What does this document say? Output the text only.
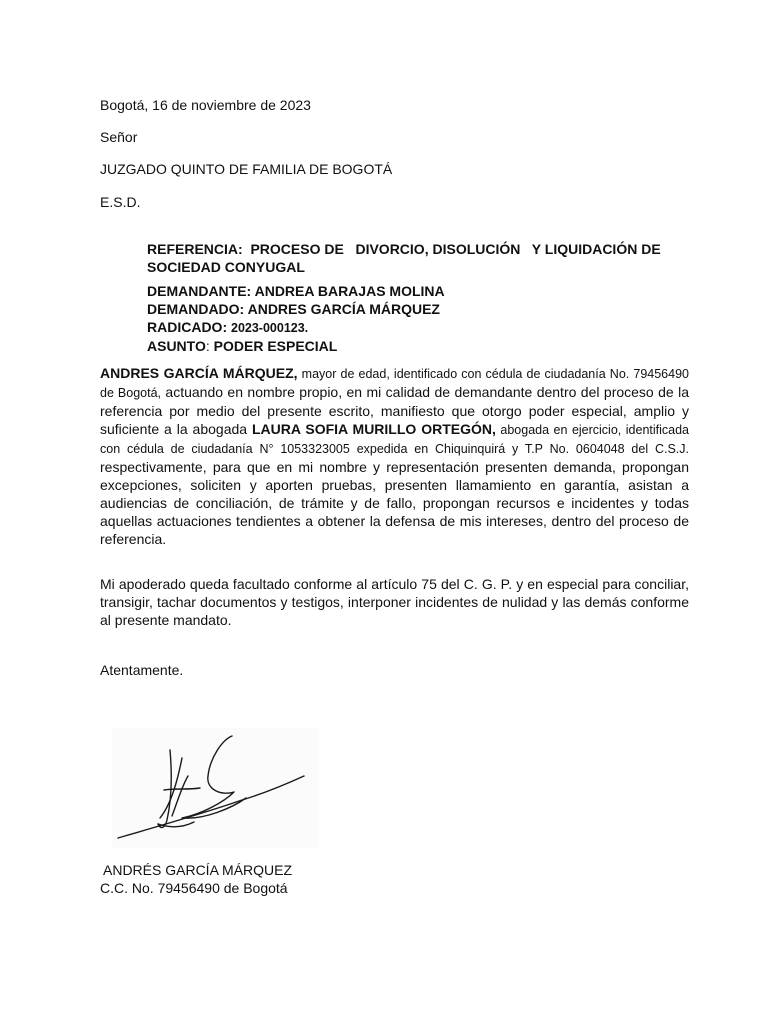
Bogotá, 16 de noviembre de 2023
Señor
JUZGADO QUINTO DE FAMILIA DE BOGOTÁ
E.S.D.
REFERENCIA: PROCESO DE   DIVORCIO, DISOLUCIÓN   Y LIQUIDACIÓN DE
SOCIEDAD CONYUGAL
DEMANDANTE: ANDREA BARAJAS MOLINA
DEMANDADO: ANDRES GARCÍA MÁRQUEZ
RADICADO: 2023-000123.
ASUNTO: PODER ESPECIAL
ANDRES GARCÍA MÁRQUEZ, mayor de edad, identificado con cédula de ciudadanía No. 79456490 de Bogotá, actuando en nombre propio, en mi calidad de demandante dentro del proceso de la referencia por medio del presente escrito, manifiesto que otorgo poder especial, amplio y suficiente a la abogada LAURA SOFIA MURILLO ORTEGÓN, abogada en ejercicio, identificada con cédula de ciudadanía N° 1053323005 expedida en Chiquinquirá y T.P No. 0604048 del C.S.J. respectivamente, para que en mi nombre y representación presenten demanda, propongan excepciones, soliciten y aporten pruebas, presenten llamamiento en garantía, asistan a audiencias de conciliación, de trámite y de fallo, propongan recursos e incidentes y todas aquellas actuaciones tendientes a obtener la defensa de mis intereses, dentro del proceso de referencia.
Mi apoderado queda facultado conforme al artículo 75 del C. G. P. y en especial para conciliar, transigir, tachar documentos y testigos, interponer incidentes de nulidad y las demás conforme al presente mandato.
Atentamente.
ANDRÉS GARCÍA MÁRQUEZ
C.C. No. 79456490 de Bogotá
